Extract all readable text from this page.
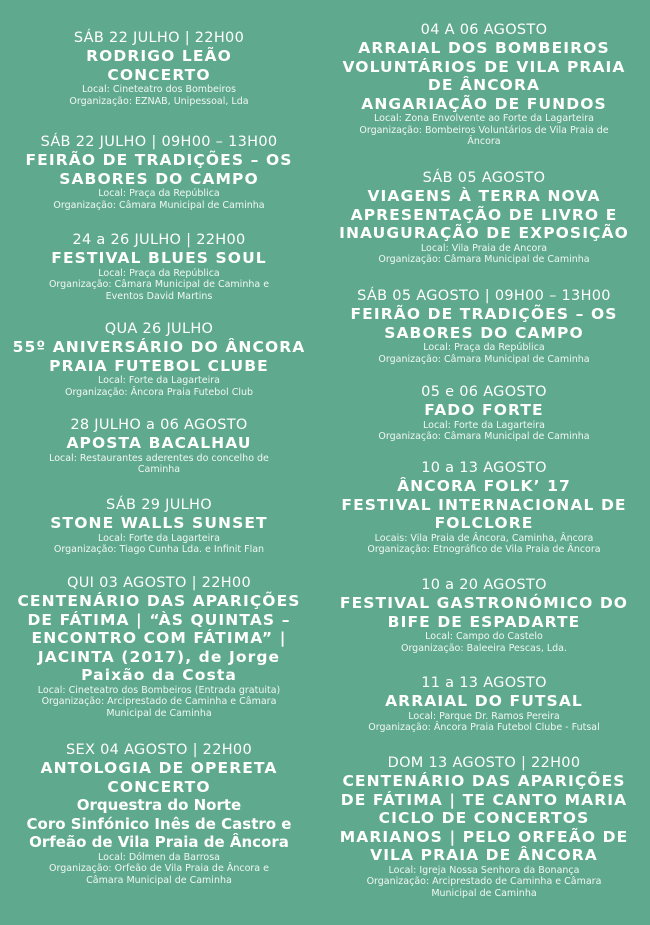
SÁB 22 JULHO | 22H00
RODRIGO LEÃO
CONCERTO
Local: Cineteatro dos Bombeiros
Organização: EZNAB, Unipessoal, Lda
SÁB 22 JULHO | 09H00 – 13H00
FEIRÃO DE TRADIÇÕES – OS
SABORES DO CAMPO
Local: Praça da República
Organização: Câmara Municipal de Caminha
24 a 26 JULHO | 22H00
FESTIVAL BLUES SOUL
Local: Praça da República
Organização: Câmara Municipal de Caminha e
Eventos David Martins
QUA 26 JULHO
55º ANIVERSÁRIO DO ÂNCORA
PRAIA FUTEBOL CLUBE
Local: Forte da Lagarteira
Organização: Âncora Praia Futebol Club
28 JULHO a 06 AGOSTO
APOSTA BACALHAU
Local: Restaurantes aderentes do concelho de
Caminha
SÁB 29 JULHO
STONE WALLS SUNSET
Local: Forte da Lagarteira
Organização: Tiago Cunha Lda. e Infinit Flan
QUI 03 AGOSTO | 22H00
CENTENÁRIO DAS APARIÇÕES
DE FÁTIMA | “ÀS QUINTAS –
ENCONTRO COM FÁTIMA” |
JACINTA (2017), de Jorge
Paixão da Costa
Local: Cineteatro dos Bombeiros (Entrada gratuita)
Organização: Arciprestado de Caminha e Câmara
Municipal de Caminha
SEX 04 AGOSTO | 22H00
ANTOLOGIA DE OPERETA
CONCERTO
Orquestra do Norte
Coro Sinfónico Inês de Castro e
Orfeão de Vila Praia de Âncora
Local: Dólmen da Barrosa
Organização: Orfeão de Vila Praia de Âncora e
Câmara Municipal de Caminha
04 A 06 AGOSTO
ARRAIAL DOS BOMBEIROS
VOLUNTÁRIOS DE VILA PRAIA
DE ÂNCORA
ANGARIAÇÃO DE FUNDOS
Local: Zona Envolvente ao Forte da Lagarteira
Organização: Bombeiros Voluntários de Vila Praia de
Âncora
SÁB 05 AGOSTO
VIAGENS À TERRA NOVA
APRESENTAÇÃO DE LIVRO E
INAUGURAÇÃO DE EXPOSIÇÃO
Local: Vila Praia de Ancora
Organização: Câmara Municipal de Caminha
SÁB 05 AGOSTO | 09H00 – 13H00
FEIRÃO DE TRADIÇÕES – OS
SABORES DO CAMPO
Local: Praça da República
Organização: Câmara Municipal de Caminha
05 e 06 AGOSTO
FADO FORTE
Local: Forte da Lagarteira
Organização: Câmara Municipal de Caminha
10 a 13 AGOSTO
ÂNCORA FOLK’ 17
FESTIVAL INTERNACIONAL DE
FOLCLORE
Locais: Vila Praia de Âncora, Caminha, Âncora
Organização: Etnográfico de Vila Praia de Âncora
10 a 20 AGOSTO
FESTIVAL GASTRONÓMICO DO
BIFE DE ESPADARTE
Local: Campo do Castelo
Organização: Baleeira Pescas, Lda.
11 a 13 AGOSTO
ARRAIAL DO FUTSAL
Local: Parque Dr. Ramos Pereira
Organização: Âncora Praia Futebol Clube - Futsal
DOM 13 AGOSTO | 22H00
CENTENÁRIO DAS APARIÇÕES
DE FÁTIMA | TE CANTO MARIA
CICLO DE CONCERTOS
MARIANOS | PELO ORFEÃO DE
VILA PRAIA DE ÂNCORA
Local: Igreja Nossa Senhora da Bonança
Organização: Arciprestado de Caminha e Câmara
Municipal de Caminha
